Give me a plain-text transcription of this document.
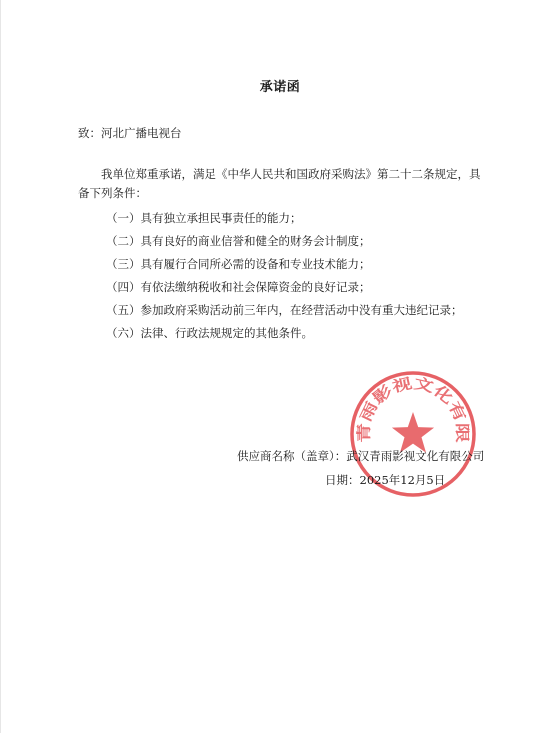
承诺函
致：河北广播电视台
我单位郑重承诺，满足《中华人民共和国政府采购法》第二十二条规定，具备下列条件：
（一）具有独立承担民事责任的能力；
（二）具有良好的商业信誉和健全的财务会计制度；
（三）具有履行合同所必需的设备和专业技术能力；
（四）有依法缴纳税收和社会保障资金的良好记录；
（五）参加政府采购活动前三年内，在经营活动中没有重大违纪记录；
（六）法律、行政法规规定的其他条件。
青雨影视文化有限
供应商名称（盖章）：武汉青雨影视文化有限公司
日期：2025年12月5日
